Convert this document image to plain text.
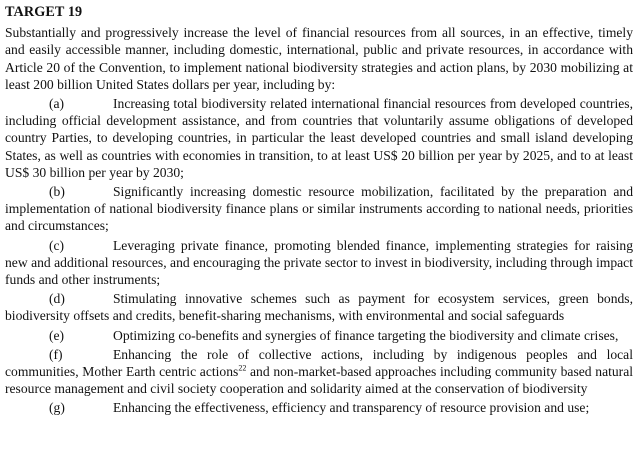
TARGET 19

Substantially and progressively increase the level of financial resources from all sources, in an effective, timely and easily accessible manner, including domestic, international, public and private resources, in accordance with Article 20 of the Convention, to implement national biodiversity strategies and action plans, by 2030 mobilizing at least 200 billion United States dollars per year, including by:

(a)	Increasing total biodiversity related international financial resources from developed countries, including official development assistance, and from countries that voluntarily assume obligations of developed country Parties, to developing countries, in particular the least developed countries and small island developing States, as well as countries with economies in transition, to at least US$ 20 billion per year by 2025, and to at least US$ 30 billion per year by 2030;

(b)	Significantly increasing domestic resource mobilization, facilitated by the preparation and implementation of national biodiversity finance plans or similar instruments according to national needs, priorities and circumstances;

(c)	Leveraging private finance, promoting blended finance, implementing strategies for raising new and additional resources, and encouraging the private sector to invest in biodiversity, including through impact funds and other instruments;

(d)	Stimulating innovative schemes such as payment for ecosystem services, green bonds, biodiversity offsets and credits, benefit-sharing mechanisms, with environmental and social safeguards

(e)	Optimizing co-benefits and synergies of finance targeting the biodiversity and climate crises,

(f)	Enhancing the role of collective actions, including by indigenous peoples and local communities, Mother Earth centric actions$^{22}$ and non-market-based approaches including community based natural resource management and civil society cooperation and solidarity aimed at the conservation of biodiversity

(g)	Enhancing the effectiveness, efficiency and transparency of resource provision and use;
